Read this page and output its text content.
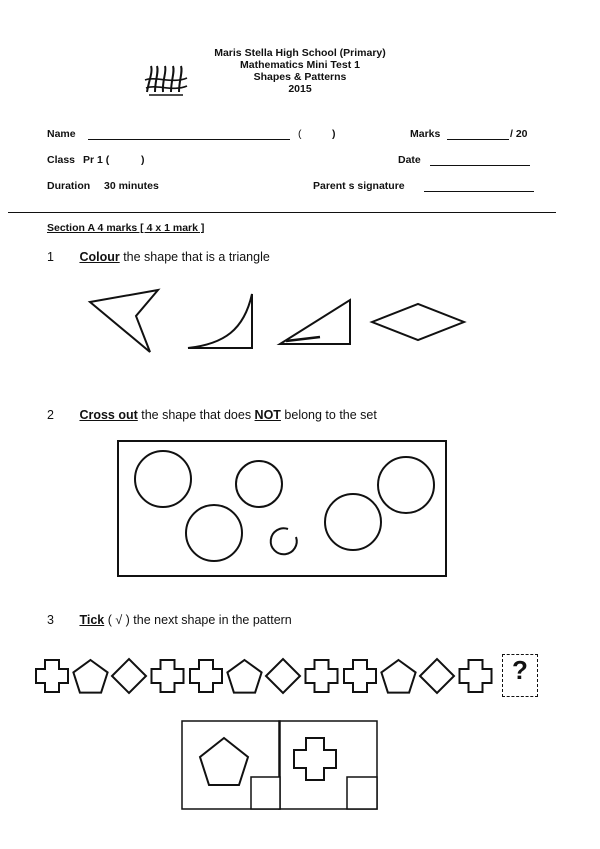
Maris Stella High School (Primary)
Mathematics Mini Test 1
Shapes & Patterns
2015
Name	(	)	Marks	/ 20
Class Pr 1 (	)	Date
Duration 30 minutes	Parent s signature
Section A 4 marks [ 4 x 1 mark ]
1 Colour the shape that is a triangle
2 Cross out the shape that does NOT belong to the set
3 Tick ( √ ) the next shape in the pattern
?
